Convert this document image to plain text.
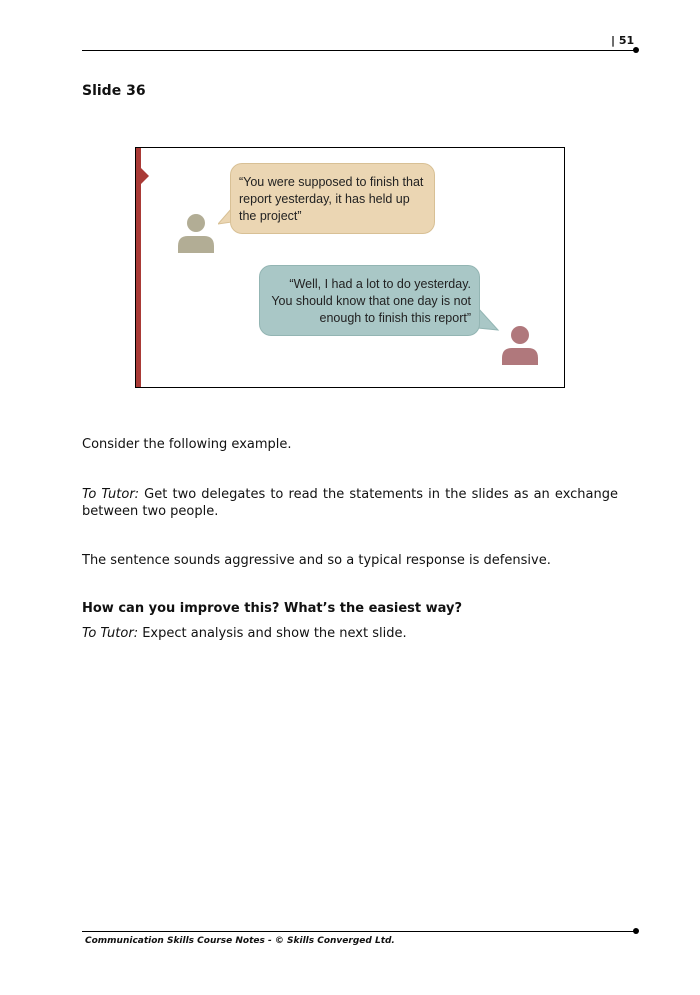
| 51
Slide 36
“You were supposed to finish that report yesterday, it has held up the project”
“Well, I had a lot to do yesterday. You should know that one day is not enough to finish this report”
Consider the following example.
To Tutor: Get two delegates to read the statements in the slides as an exchange between two people.
The sentence sounds aggressive and so a typical response is defensive.
How can you improve this? What’s the easiest way?
To Tutor: Expect analysis and show the next slide.
Communication Skills Course Notes - © Skills Converged Ltd.
